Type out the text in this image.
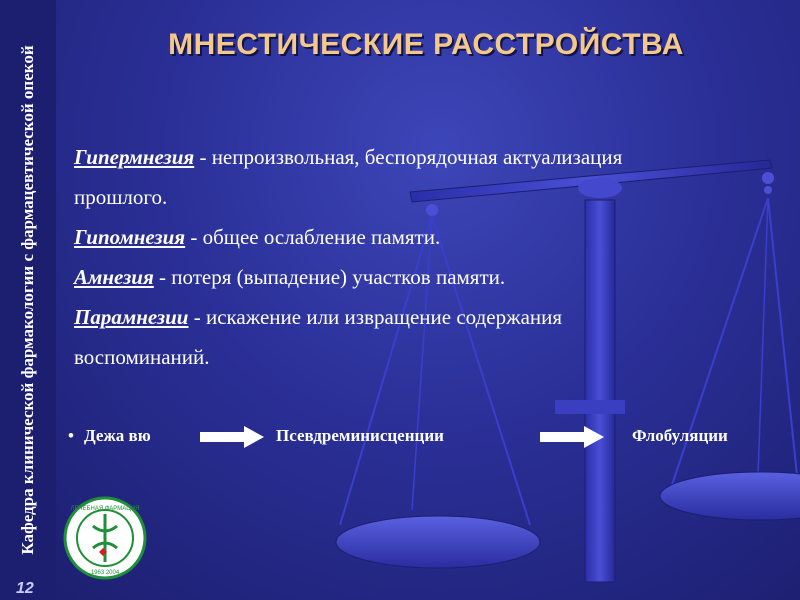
Кафедра клинической фармакологии с фармацевтической опекой
12
МНЕСТИЧЕСКИЕ РАССТРОЙСТВА
Гипермнезия - непроизвольная, беспорядочная актуализация
прошлого.
Гипомнезия - общее ослабление памяти.
Амнезия - потеря (выпадение) участков памяти.
Парамнезии - искажение или извращение содержания
воспоминаний.
• Дежа вю	Псевдреминисценции	Флобуляции
ЛЕЧЕБНАЯ ФАРМАЦИЯ
1963 2004
